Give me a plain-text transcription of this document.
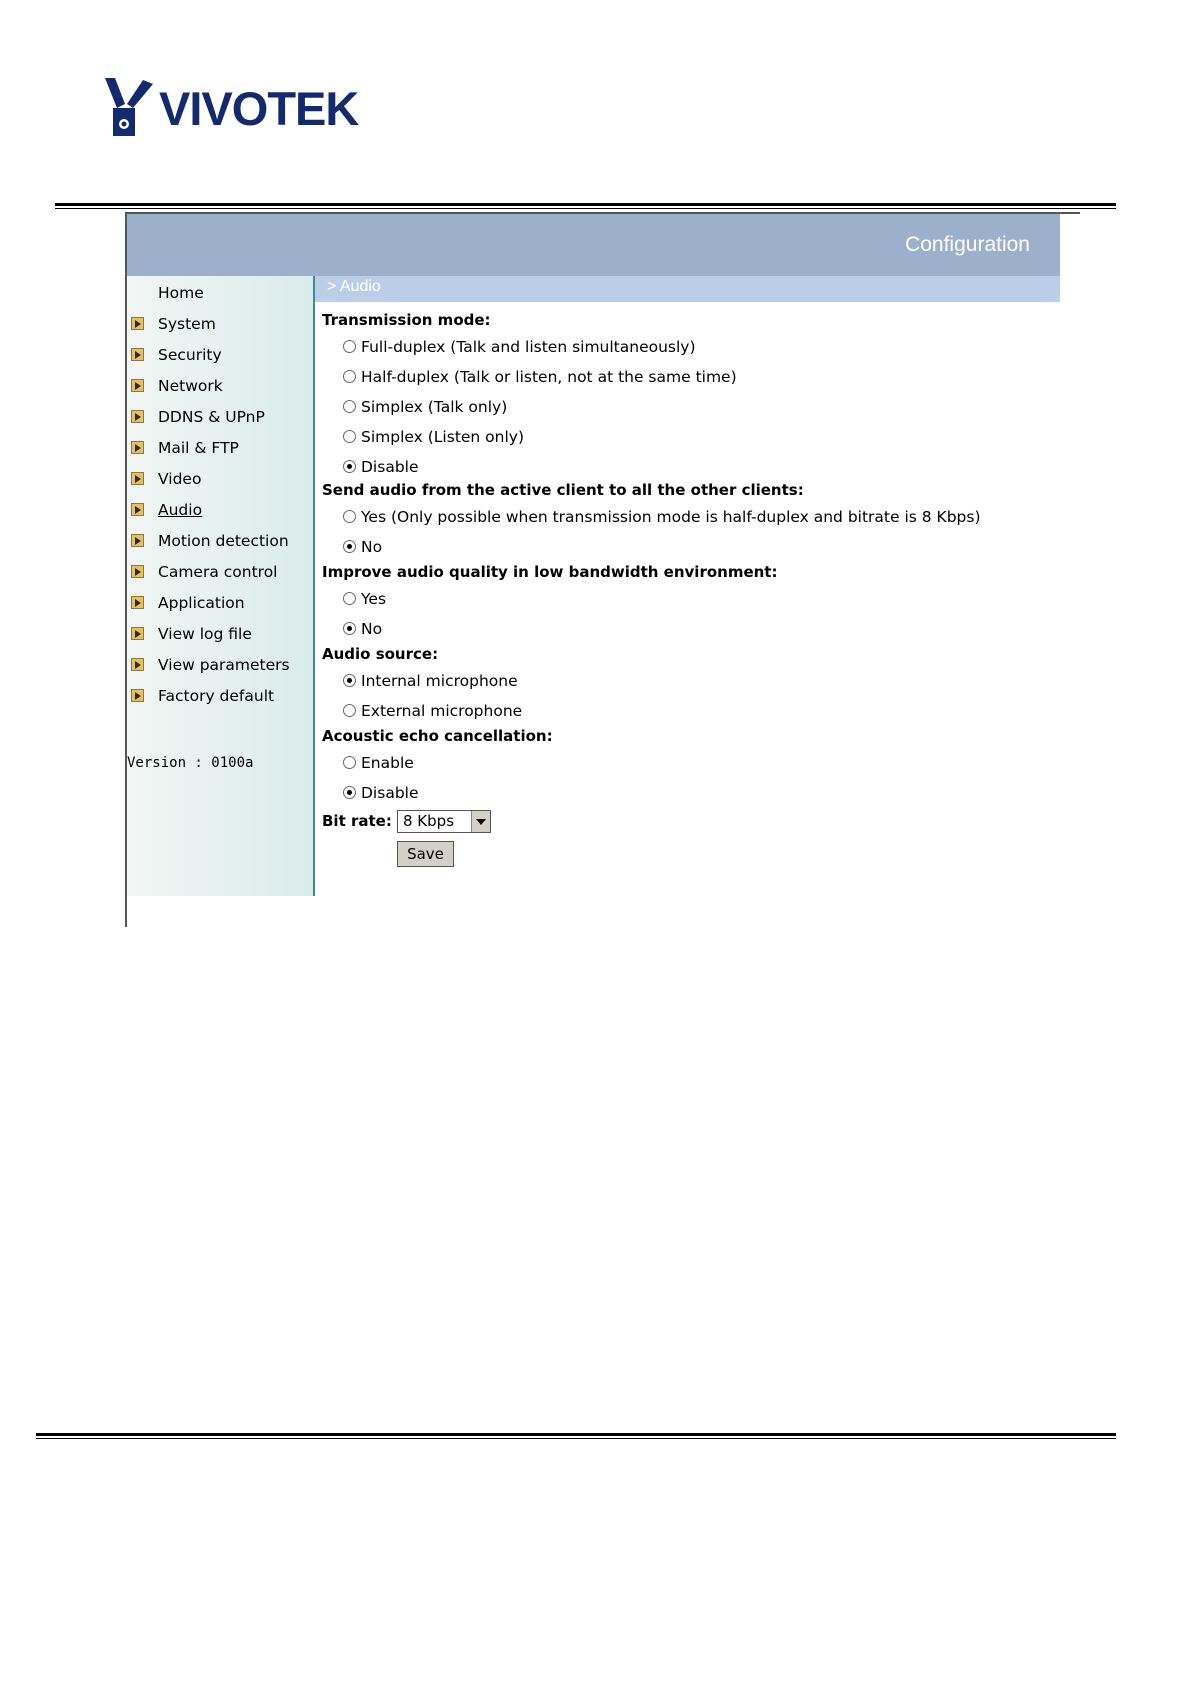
VIVOTEK
Configuration
Version : 0100a
Home
System
Security
Network
DDNS & UPnP
Mail & FTP
Video
Audio
Motion detection
Camera control
Application
View log file
View parameters
Factory default
> Audio
Bit rate: 8 Kbps
Save
Transmission mode:
Full-duplex (Talk and listen simultaneously)
Half-duplex (Talk or listen, not at the same time)
Simplex (Talk only)
Simplex (Listen only)
Disable
Send audio from the active client to all the other clients:
Yes (Only possible when transmission mode is half-duplex and bitrate is 8 Kbps)
No
Improve audio quality in low bandwidth environment:
Yes
No
Audio source:
Internal microphone
External microphone
Acoustic echo cancellation:
Enable
Disable
